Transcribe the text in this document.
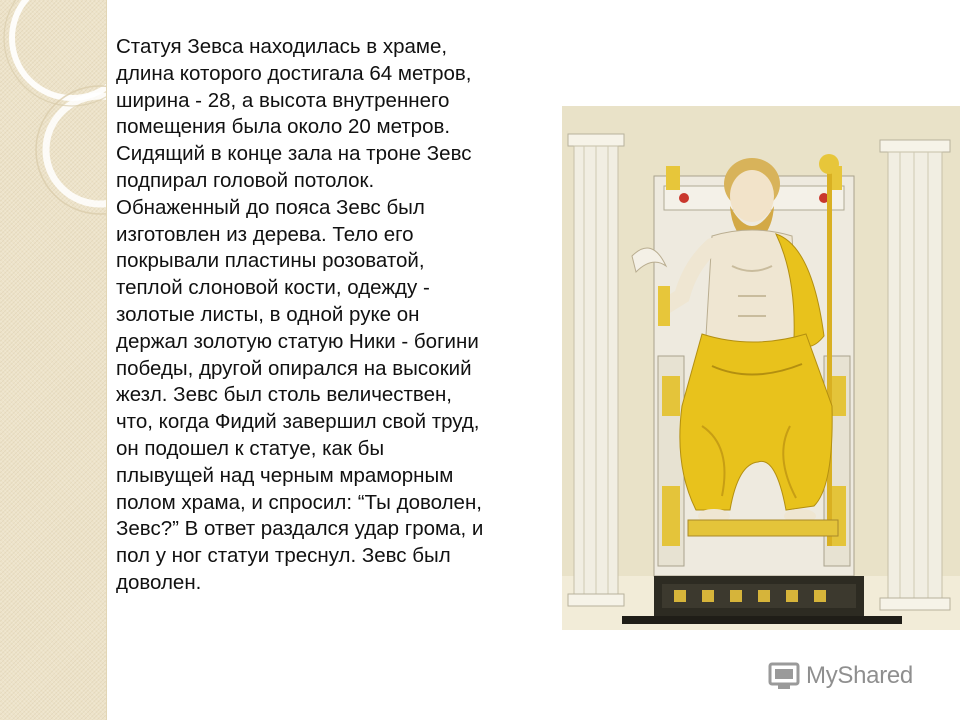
Статуя Зевса находилась в храме,
длина которого достигала 64 метров,
ширина - 28, а высота внутреннего
помещения была около 20 метров.
Сидящий в конце зала на троне Зевс
подпирал головой потолок.
Обнаженный до пояса Зевс был
изготовлен из дерева. Тело его
покрывали пластины розоватой,
теплой слоновой кости, одежду -
золотые листы, в одной руке он
держал золотую статую Ники - богини
победы, другой опирался на высокий
жезл. Зевс был столь величествен,
что, когда Фидий завершил свой труд,
он подошел к статуе, как бы
плывущей над черным мраморным
полом храма, и спросил: “Ты доволен,
Зевс?” В ответ раздался удар грома, и
пол у ног статуи треснул. Зевс был
доволен.

MyShared
